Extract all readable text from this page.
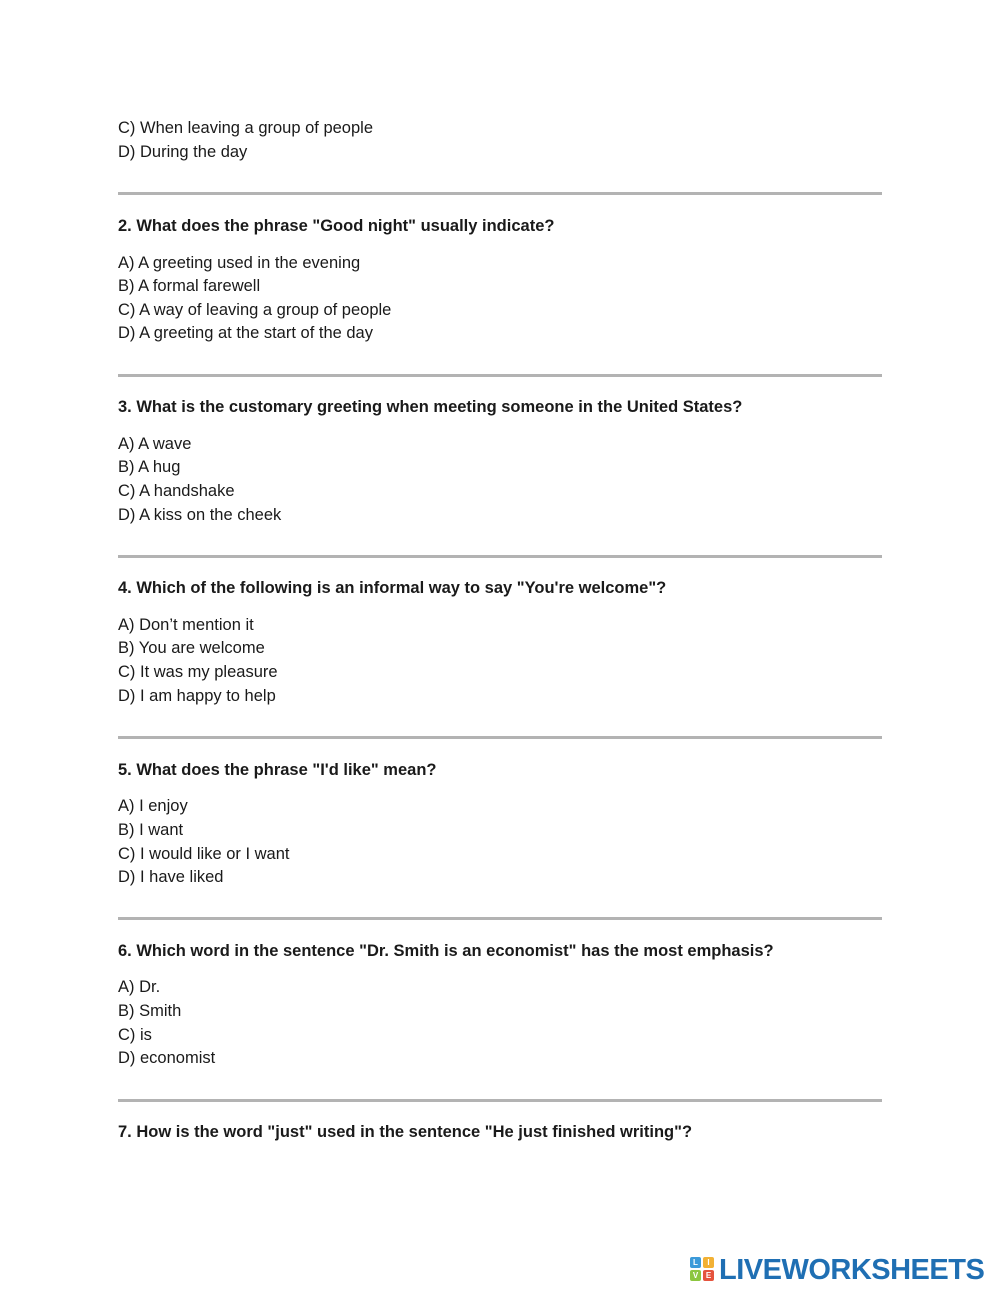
C) When leaving a group of people
D) During the day
2. What does the phrase "Good night" usually indicate?
A) A greeting used in the evening
B) A formal farewell
C) A way of leaving a group of people
D) A greeting at the start of the day
3. What is the customary greeting when meeting someone in the United States?
A) A wave
B) A hug
C) A handshake
D) A kiss on the cheek
4. Which of the following is an informal way to say "You're welcome"?
A) Don’t mention it
B) You are welcome
C) It was my pleasure
D) I am happy to help
5. What does the phrase "I'd like" mean?
A) I enjoy
B) I want
C) I would like or I want
D) I have liked
6. Which word in the sentence "Dr. Smith is an economist" has the most emphasis?
A) Dr.
B) Smith
C) is
D) economist
7. How is the word "just" used in the sentence "He just finished writing"?
L	I
V E LIVEWORKSHEETS
